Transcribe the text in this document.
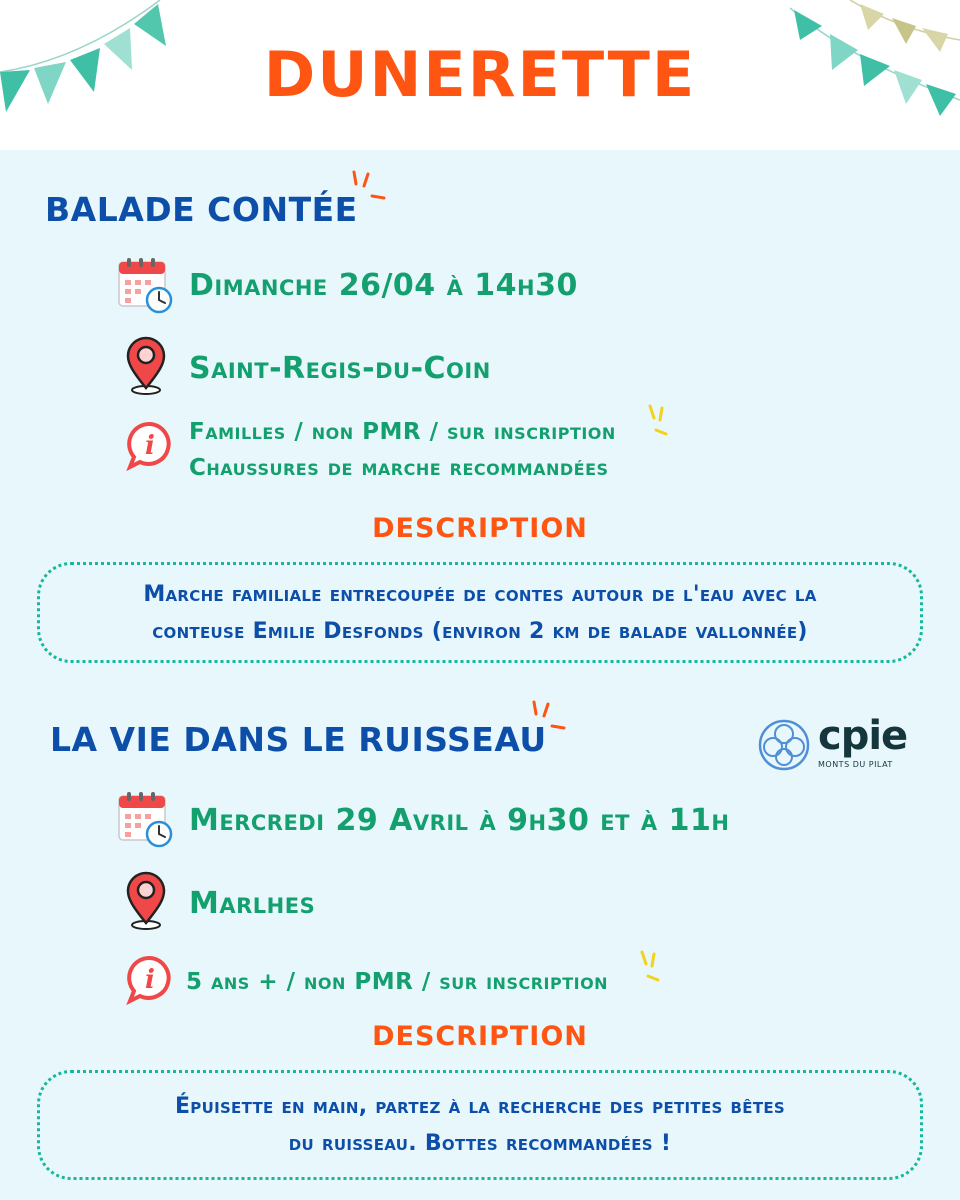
DUNERETTE
BALADE CONTÉE
Dimanche 26/04 à 14h30
Saint-Regis-du-Coin
i Familles / non PMR / sur inscription
Chaussures de marche recommandées
DESCRIPTION

Marche familiale entrecoupée de contes autour de l'eau avec la
conteuse Emilie Desfonds (environ 2 km de balade vallonnée)

LA VIE DANS LE RUISSEAU	cpie
MONTS DU PILAT
Mercredi 29 Avril à 9h30 et à 11h
Marlhes
i 5 ans + / non PMR / sur inscription
DESCRIPTION

Épuisette en main, partez à la recherche des petites bêtes
du ruisseau. Bottes recommandées !
